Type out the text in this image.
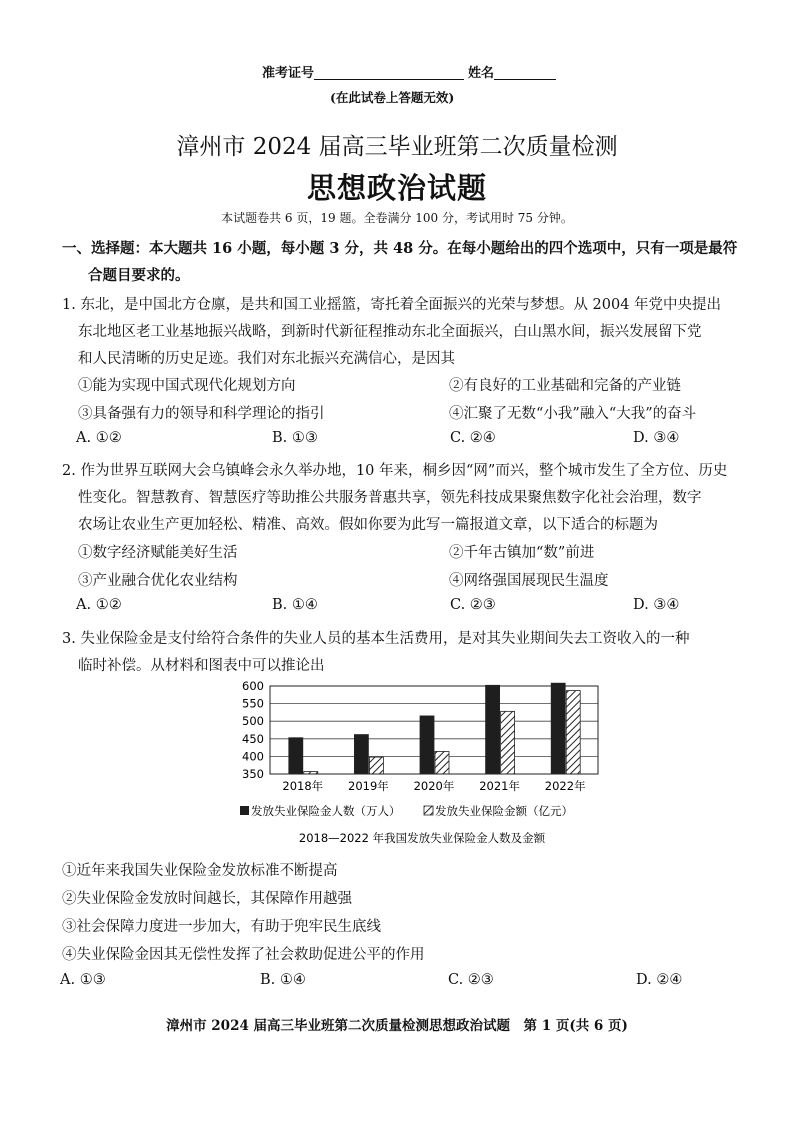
准考证号	姓名
(在此试卷上答题无效)
漳州市 2024 届高三毕业班第二次质量检测
思想政治试题
本试题卷共 6 页，19 题。全卷满分 100 分，考试用时 75 分钟。
一、选择题：本大题共 16 小题，每小题 3 分，共 48 分。在每小题给出的四个选项中，只有一项是最符
合题目要求的。
1. 东北，是中国北方仓廪，是共和国工业摇篮，寄托着全面振兴的光荣与梦想。从 2004 年党中央提出
东北地区老工业基地振兴战略，到新时代新征程推动东北全面振兴，白山黑水间，振兴发展留下党
和人民清晰的历史足迹。我们对东北振兴充满信心，是因其
①能为实现中国式现代化规划方向	②有良好的工业基础和完备的产业链
③具备强有力的领导和科学理论的指引	④汇聚了无数“小我”融入“大我”的奋斗
A. ①②	B. ①③	C. ②④	D. ③④
2. 作为世界互联网大会乌镇峰会永久举办地，10 年来，桐乡因“网”而兴，整个城市发生了全方位、历史
性变化。智慧教育、智慧医疗等助推公共服务普惠共享，领先科技成果聚焦数字化社会治理，数字
农场让农业生产更加轻松、精准、高效。假如你要为此写一篇报道文章，以下适合的标题为
①数字经济赋能美好生活	②千年古镇加“数”前进
③产业融合优化农业结构	④网络强国展现民生温度
A. ①②	B. ①④	C. ②③	D. ③④
3. 失业保险金是支付给符合条件的失业人员的基本生活费用，是对其失业期间失去工资收入的一种
临时补偿。从材料和图表中可以推论出
600
550
500
450
400
350
2018年 2019年 2020年 2021年 2022年
发放失业保险金人数（万人）	发放失业保险金额（亿元）
2018—2022 年我国发放失业保险金人数及金额
①近年来我国失业保险金发放标准不断提高
②失业保险金发放时间越长，其保障作用越强
③社会保障力度进一步加大，有助于兜牢民生底线
④失业保险金因其无偿性发挥了社会救助促进公平的作用
A. ①③	B. ①④	C. ②③	D. ②④
漳州市 2024 届高三毕业班第二次质量检测思想政治试题　第 1 页(共 6 页)
